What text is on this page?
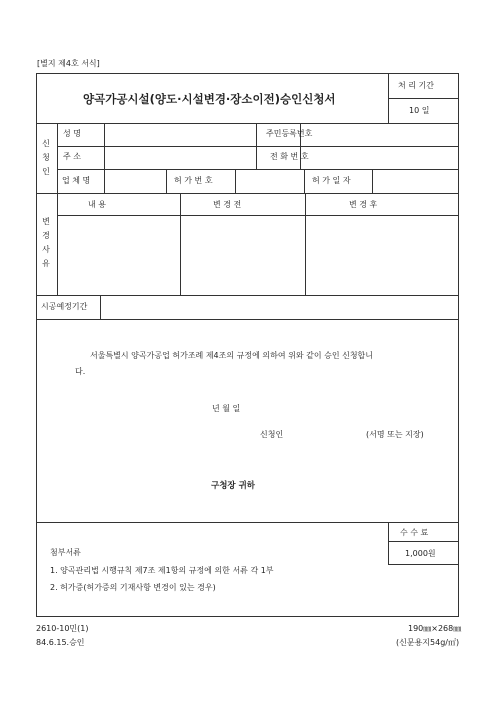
[별지 제4호 서식]
양곡가공시설(양도·시설변경·장소이전)승인신청서
처 리 기간
10 일
신청인
성 명	주민등록번호
주 소	전 화 번 호
업 체 명	허 가 번 호	허 가 일 자
변경사유
내 용	변 경 전	변 경 후
시공예정기간
서울특별시 양곡가공업 허가조례 제4조의 규정에 의하여 위와 같이 승인 신청합니
다.
년 월 일
신청인	(서명 또는 지장)
구청장 귀하
수 수 료
1,000원
첨부서류
1. 양곡관리법 시행규칙 제7조 제1항의 규정에 의한 서류 각 1부
2. 허가증(허가증의 기재사항 변경이 있는 경우)
2610-10민(1)
84.6.15.승인
190㎜×268㎜
(신문용지54g/㎡)
